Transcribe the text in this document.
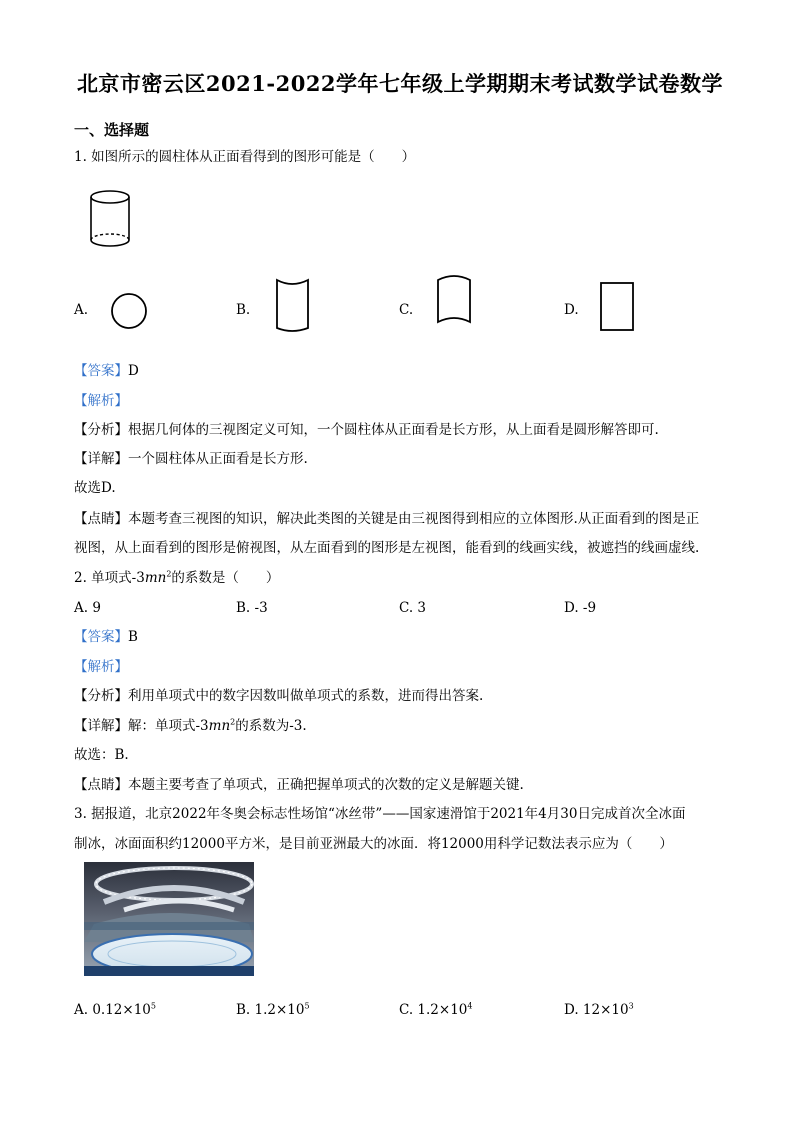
北京市密云区2021-2022学年七年级上学期期末考试数学试卷数学
一、选择题
1. 如图所示的圆柱体从正面看得到的图形可能是（　　）
A.	B.	C.	D.
【答案】D
【解析】
【分析】根据几何体的三视图定义可知，一个圆柱体从正面看是长方形，从上面看是圆形解答即可.
【详解】一个圆柱体从正面看是长方形.
故选D.
【点睛】本题考查三视图的知识，解决此类图的关键是由三视图得到相应的立体图形.从正面看到的图是正
视图，从上面看到的图形是俯视图，从左面看到的图形是左视图，能看到的线画实线，被遮挡的线画虚线.
2. 单项式$-3mn^2$的系数是（　　）
A. 9	B. -3	C. 3	D. -9
【答案】B
【解析】
【分析】利用单项式中的数字因数叫做单项式的系数，进而得出答案.
【详解】解：单项式$-3mn^2$的系数为-3.
故选：B.
【点睛】本题主要考查了单项式，正确把握单项式的次数的定义是解题关键.
3. 据报道，北京2022年冬奥会标志性场馆“冰丝带”——国家速滑馆于2021年4月30日完成首次全冰面
制冰，冰面面积约12000平方米，是目前亚洲最大的冰面．将12000用科学记数法表示应为（　　）
A. $0.12\times 10^5$	B. $1.2\times 10^5$	C. $1.2\times 10^4$	D. $12\times 10^3$
